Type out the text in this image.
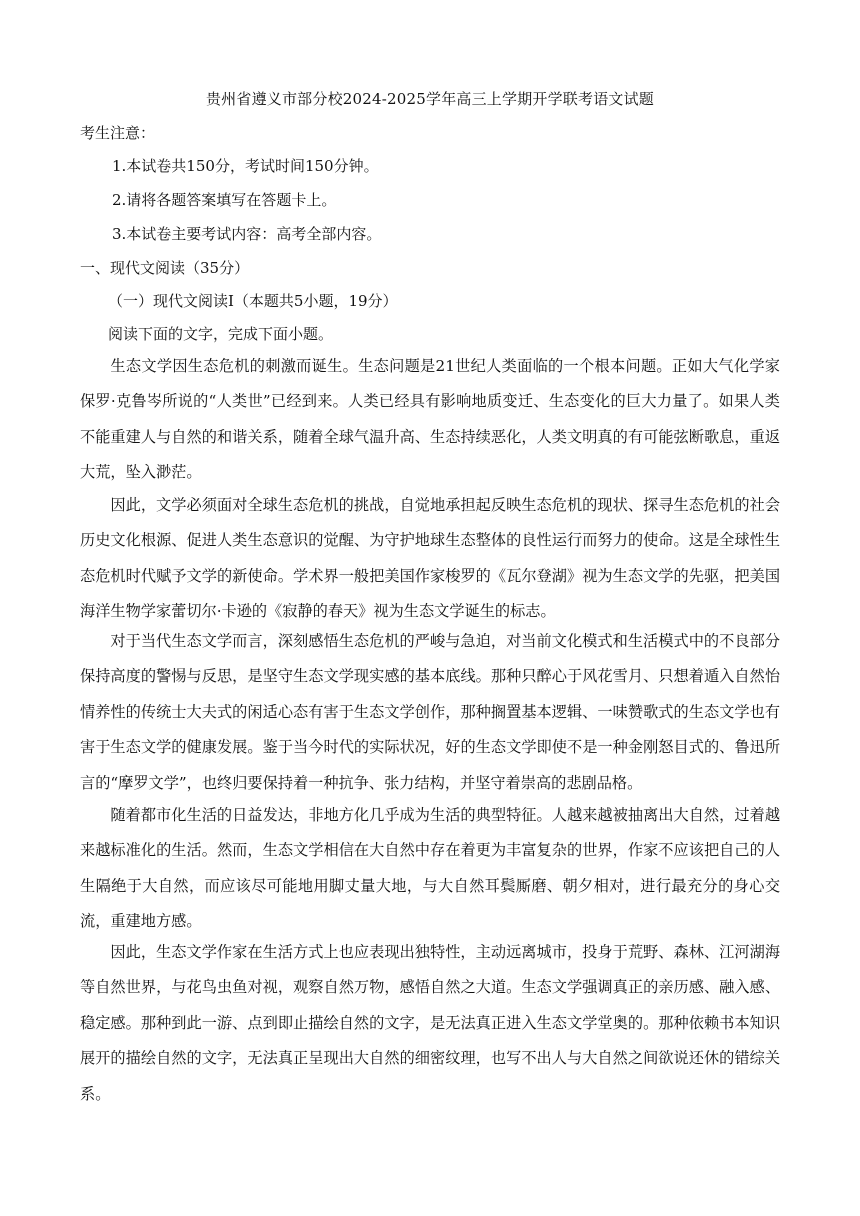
贵州省遵义市部分校2024-2025学年高三上学期开学联考语文试题
考生注意：
1.本试卷共150分，考试时间150分钟。
2.请将各题答案填写在答题卡上。
3.本试卷主要考试内容：高考全部内容。
一、现代文阅读（35分）
（一）现代文阅读Ⅰ（本题共5小题，19分）
阅读下面的文字，完成下面小题。
生态文学因生态危机的刺激而诞生。生态问题是21世纪人类面临的一个根本问题。正如大气化学家保罗·克鲁岑所说的“人类世”已经到来。人类已经具有影响地质变迁、生态变化的巨大力量了。如果人类不能重建人与自然的和谐关系，随着全球气温升高、生态持续恶化，人类文明真的有可能弦断歌息，重返大荒，坠入渺茫。
因此，文学必须面对全球生态危机的挑战，自觉地承担起反映生态危机的现状、探寻生态危机的社会历史文化根源、促进人类生态意识的觉醒、为守护地球生态整体的良性运行而努力的使命。这是全球性生态危机时代赋予文学的新使命。学术界一般把美国作家梭罗的《瓦尔登湖》视为生态文学的先驱，把美国海洋生物学家蕾切尔·卡逊的《寂静的春天》视为生态文学诞生的标志。
对于当代生态文学而言，深刻感悟生态危机的严峻与急迫，对当前文化模式和生活模式中的不良部分保持高度的警惕与反思，是坚守生态文学现实感的基本底线。那种只醉心于风花雪月、只想着遁入自然怡情养性的传统士大夫式的闲适心态有害于生态文学创作，那种搁置基本逻辑、一味赞歌式的生态文学也有害于生态文学的健康发展。鉴于当今时代的实际状况，好的生态文学即使不是一种金刚怒目式的、鲁迅所言的“摩罗文学”，也终归要保持着一种抗争、张力结构，并坚守着崇高的悲剧品格。
随着都市化生活的日益发达，非地方化几乎成为生活的典型特征。人越来越被抽离出大自然，过着越来越标准化的生活。然而，生态文学相信在大自然中存在着更为丰富复杂的世界，作家不应该把自己的人生隔绝于大自然，而应该尽可能地用脚丈量大地，与大自然耳鬓厮磨、朝夕相对，进行最充分的身心交流，重建地方感。
因此，生态文学作家在生活方式上也应表现出独特性，主动远离城市，投身于荒野、森林、江河湖海等自然世界，与花鸟虫鱼对视，观察自然万物，感悟自然之大道。生态文学强调真正的亲历感、融入感、稳定感。那种到此一游、点到即止描绘自然的文字，是无法真正进入生态文学堂奥的。那种依赖书本知识展开的描绘自然的文字，无法真正呈现出大自然的细密纹理，也写不出人与大自然之间欲说还休的错综关系。
